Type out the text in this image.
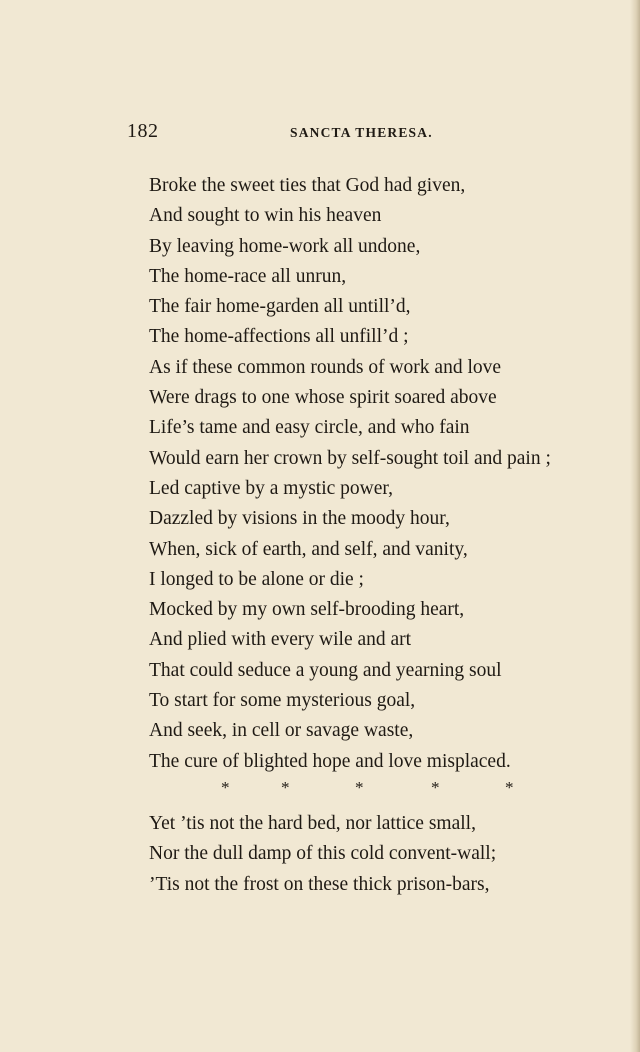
182	SANCTA THERESA.
Broke the sweet ties that God had given,
And sought to win his heaven
By leaving home-work all undone,
The home-race all unrun,
The fair home-garden all untill’d,
The home-affections all unfill’d ;
As if these common rounds of work and love
Were drags to one whose spirit soared above
Life’s tame and easy circle, and who fain
Would earn her crown by self-sought toil and pain ;
Led captive by a mystic power,
Dazzled by visions in the moody hour,
When, sick of earth, and self, and vanity,
I longed to be alone or die ;
Mocked by my own self-brooding heart,
And plied with every wile and art
That could seduce a young and yearning soul
To start for some mysterious goal,
And seek, in cell or savage waste,
The cure of blighted hope and love misplaced.
*	*	*	*	*
Yet ’tis not the hard bed, nor lattice small,
Nor the dull damp of this cold convent-wall;
’Tis not the frost on these thick prison-bars,
